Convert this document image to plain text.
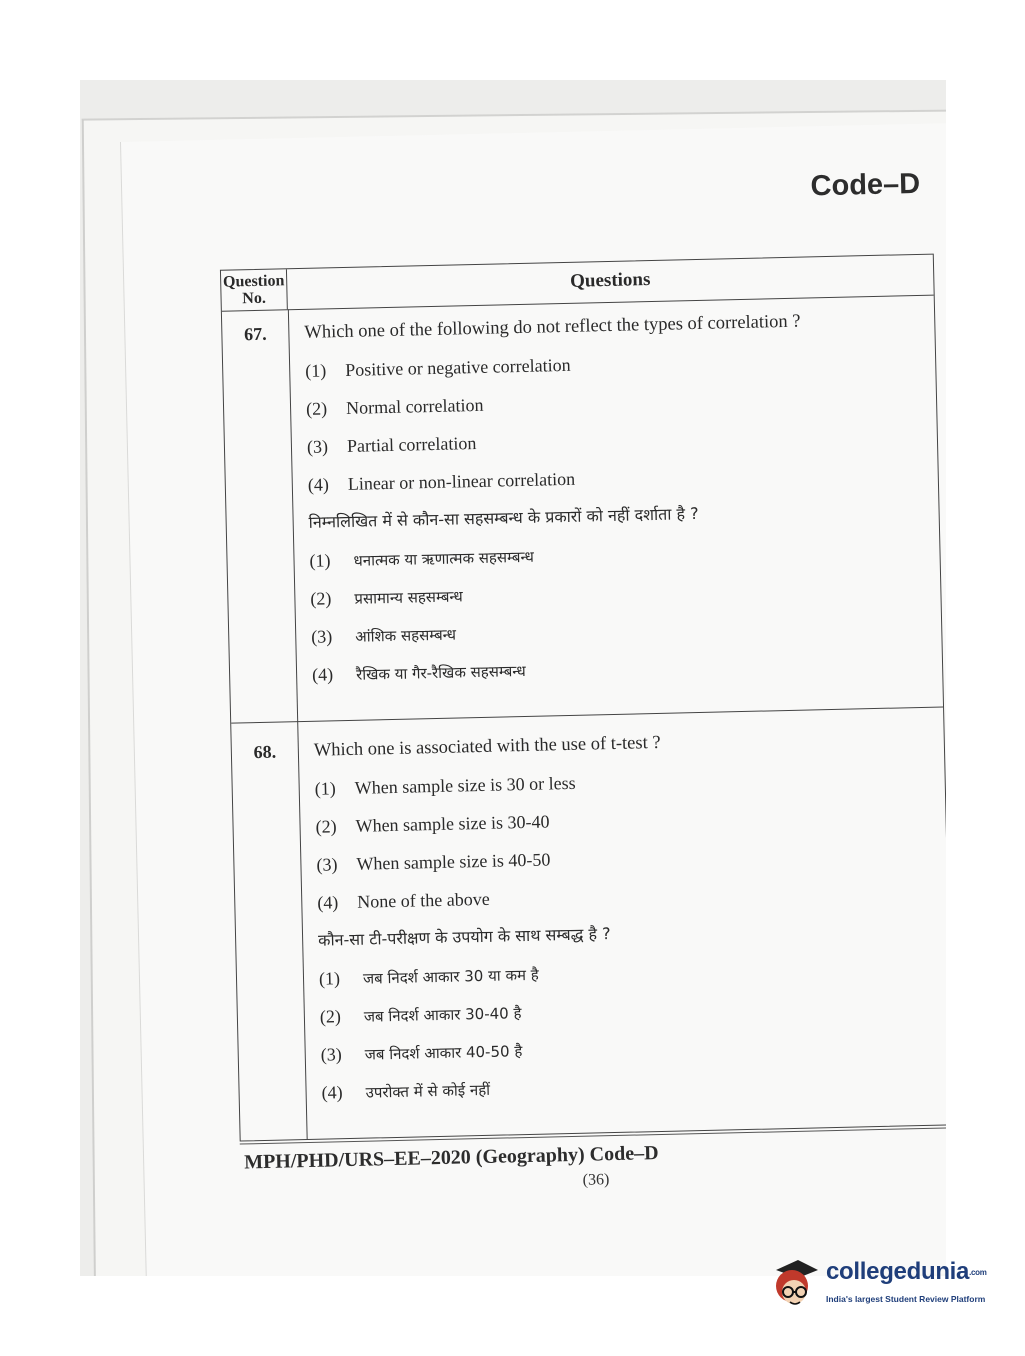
Code–D
Question No.
Questions
67.	Which one of the following do not reflect the types of correlation ?
(1) Positive or negative correlation
(2) Normal correlation
(3) Partial correlation
(4) Linear or non-linear correlation
निम्नलिखित में से कौन-सा सहसम्बन्ध के प्रकारों को नहीं दर्शाता है ?
(1) धनात्मक या ऋणात्मक सहसम्बन्ध
(2) प्रसामान्य सहसम्बन्ध
(3) आंशिक सहसम्बन्ध
(4) रैखिक या गैर-रैखिक सहसम्बन्ध
68.	Which one is associated with the use of t-test ?
(1) When sample size is 30 or less
(2) When sample size is 30-40
(3) When sample size is 40-50
(4) None of the above
कौन-सा टी-परीक्षण के उपयोग के साथ सम्बद्ध है ?
(1) जब निदर्श आकार 30 या कम है
(2) जब निदर्श आकार 30-40 है
(3) जब निदर्श आकार 40-50 है
(4) उपरोक्त में से कोई नहीं
MPH/PHD/URS–EE–2020 (Geography) Code–D
(36)
collegedunia.com
India's largest Student Review Platform
